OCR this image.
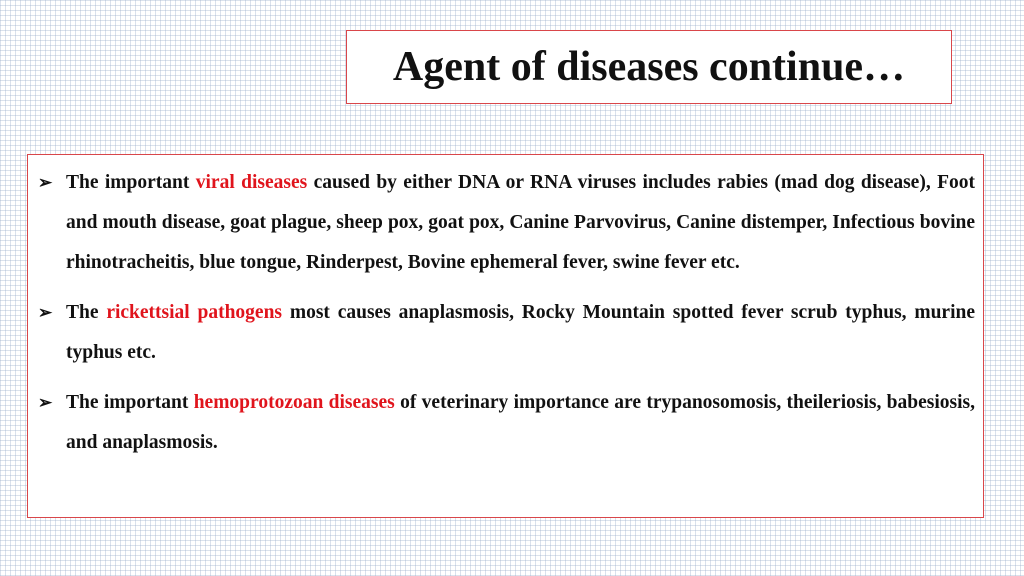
Agent of diseases continue…
➢ The important viral diseases caused by either DNA or RNA viruses includes rabies (mad dog disease), Foot and mouth disease, goat plague, sheep pox, goat pox, Canine Parvovirus, Canine distemper, Infectious bovine rhinotracheitis, blue tongue, Rinderpest, Bovine ephemeral fever, swine fever etc.
➢ The rickettsial pathogens most causes anaplasmosis, Rocky Mountain spotted fever scrub typhus, murine typhus etc.
➢ The important hemoprotozoan diseases of veterinary importance are trypanosomosis, theileriosis, babesiosis, and anaplasmosis.
